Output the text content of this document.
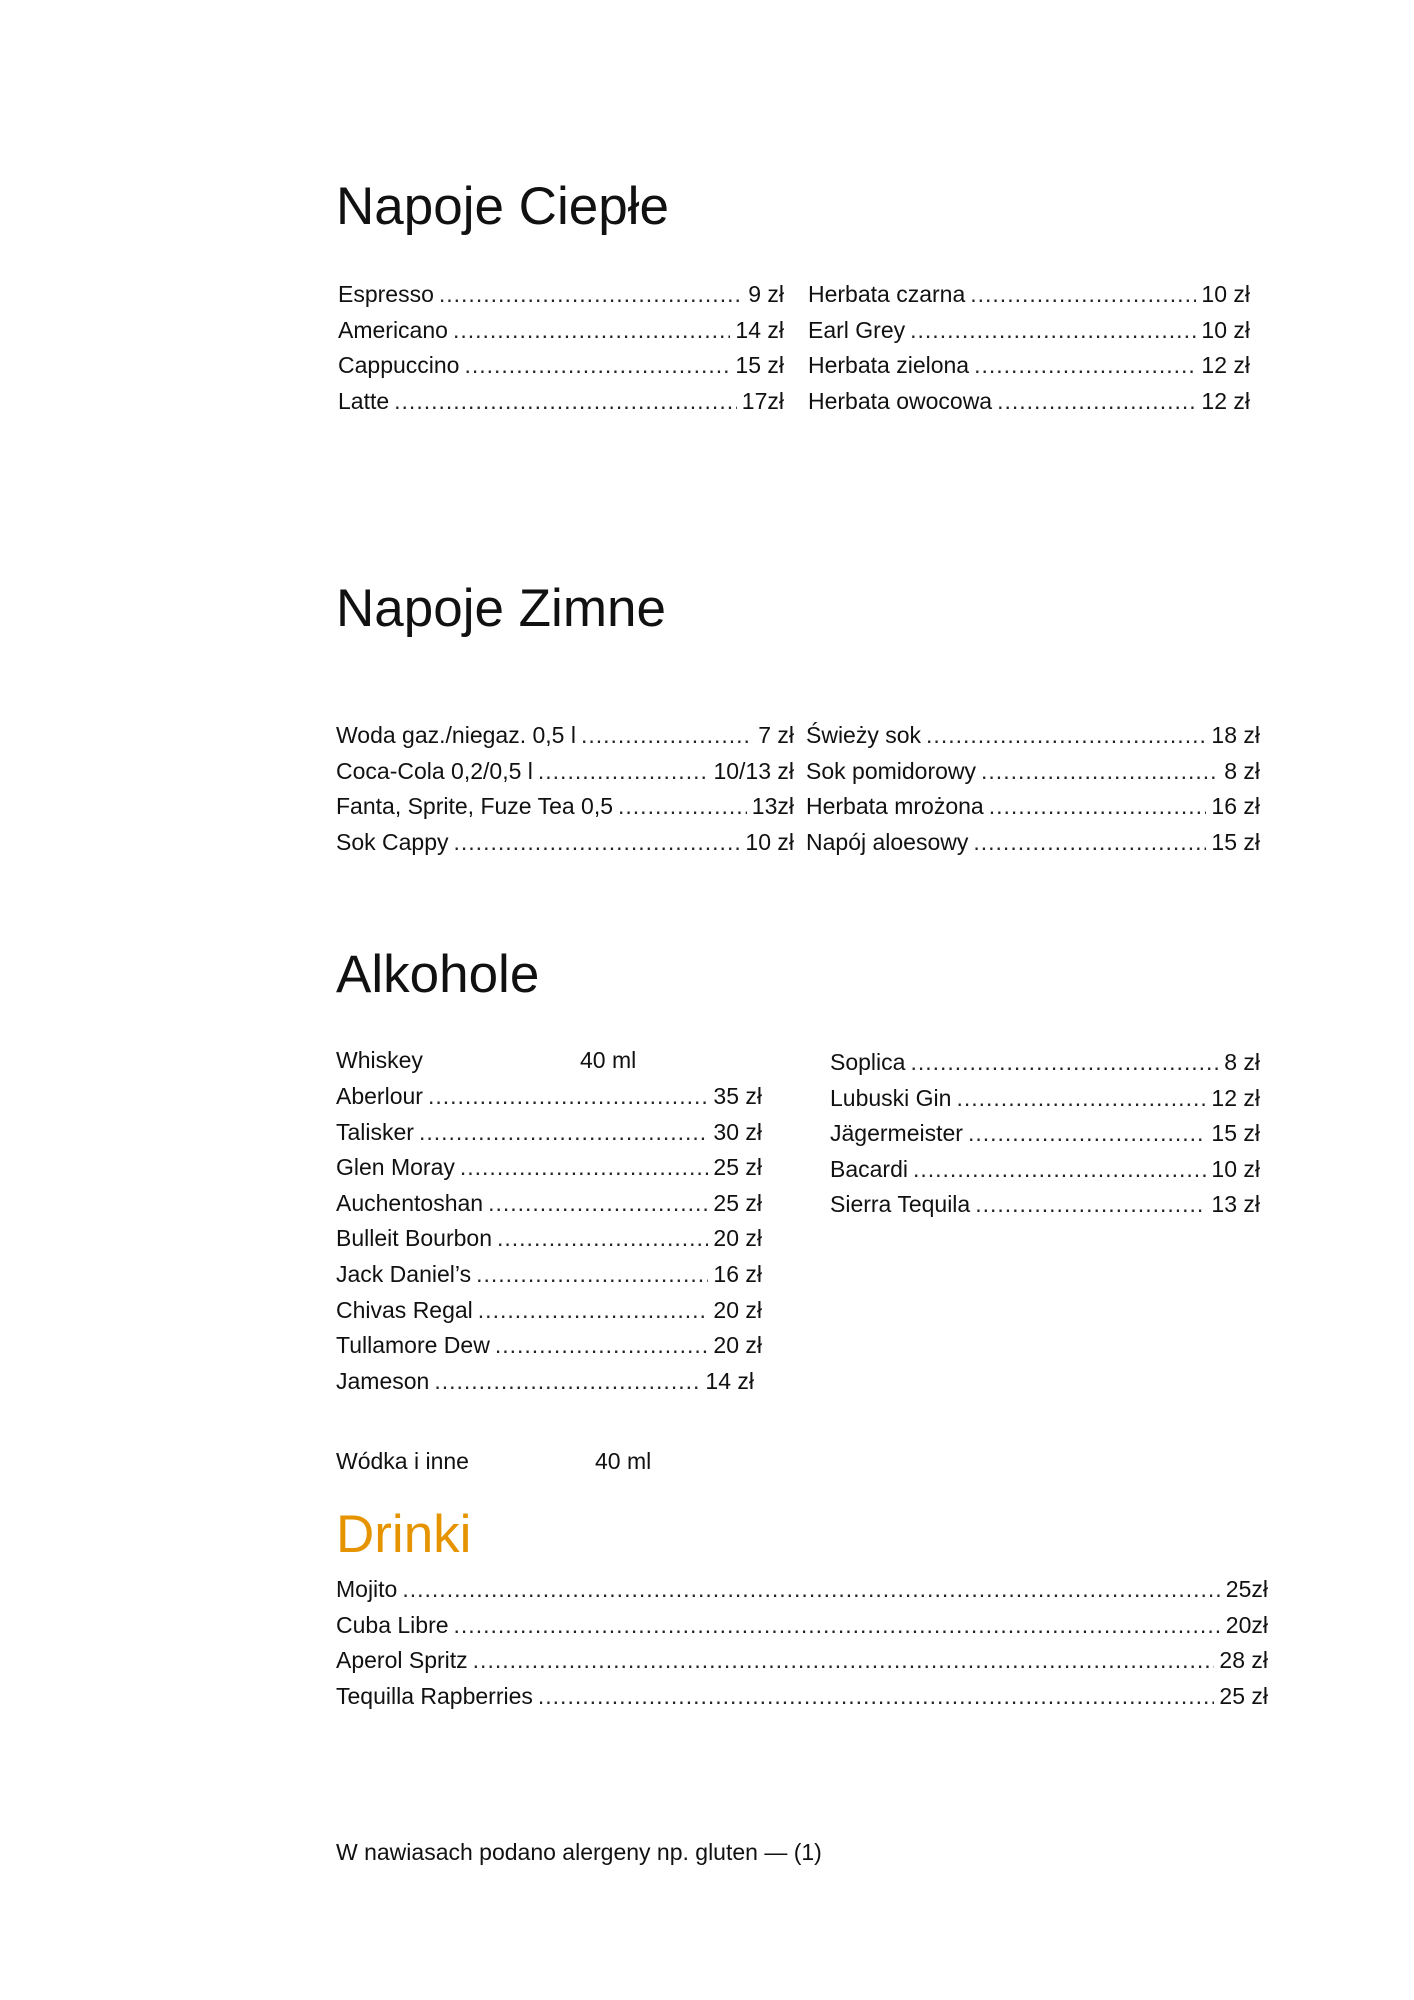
Napoje Ciepłe
Espresso .....	9 zł
Americano .....	14 zł
Cappuccino .....	15 zł
Latte .....	17zł
Herbata czarna .....	10 zł
Earl Grey .....	10 zł
Herbata zielona .....	12 zł
Herbata owocowa .....	12 zł
Napoje Zimne
Woda gaz./niegaz. 0,5 l .....	7 zł
Coca-Cola 0,2/0,5 l .....	10/13 zł
Fanta, Sprite, Fuze Tea 0,5 .....	13zł
Sok Cappy .....	10 zł
Świeży sok .....	18 zł
Sok pomidorowy .....	8 zł
Herbata mrożona .....	16 zł
Napój aloesowy .....	15 zł
Alkohole
Whiskey	40 ml
Aberlour .....	35 zł
Talisker .....	30 zł
Glen Moray .....	25 zł
Auchentoshan .....	25 zł
Bulleit Bourbon .....	20 zł
Jack Daniel’s .....	16 zł
Chivas Regal .....	20 zł
Tullamore Dew .....	20 zł
Jameson .....	14 zł
Soplica .....	8 zł
Lubuski Gin .....	12 zł
Jägermeister .....	15 zł
Bacardi .....	10 zł
Sierra Tequila .....	13 zł
Wódka i inne	40 ml
Drinki
Mojito .....	25zł
Cuba Libre .....	20zł
Aperol Spritz .....	28 zł
Tequilla Rapberries .....	25 zł
W nawiasach podano alergeny np. gluten — (1)
